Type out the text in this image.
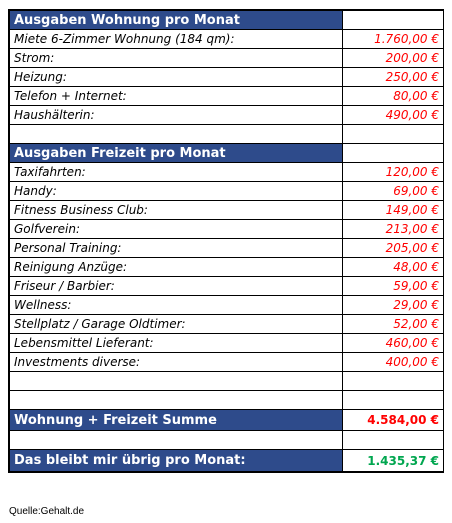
Ausgaben Wohnung pro Monat	
Miete 6-Zimmer Wohnung (184 qm):	1.760,00 €
Strom:	200,00 €
Heizung:	250,00 €
Telefon + Internet:	80,00 €
Haushälterin:	490,00 €

Ausgaben Freizeit pro Monat	
Taxifahrten:	120,00 €
Handy:	69,00 €
Fitness Business Club:	149,00 €
Golfverein:	213,00 €
Personal Training:	205,00 €
Reinigung Anzüge:	48,00 €
Friseur / Barbier:	59,00 €
Wellness:	29,00 €
Stellplatz / Garage Oldtimer:	52,00 €
Lebensmittel Lieferant:	460,00 €
Investments diverse:	400,00 €

Wohnung + Freizeit Summe	4.584,00 €

Das bleibt mir übrig pro Monat:	1.435,37 €
Quelle:Gehalt.de
